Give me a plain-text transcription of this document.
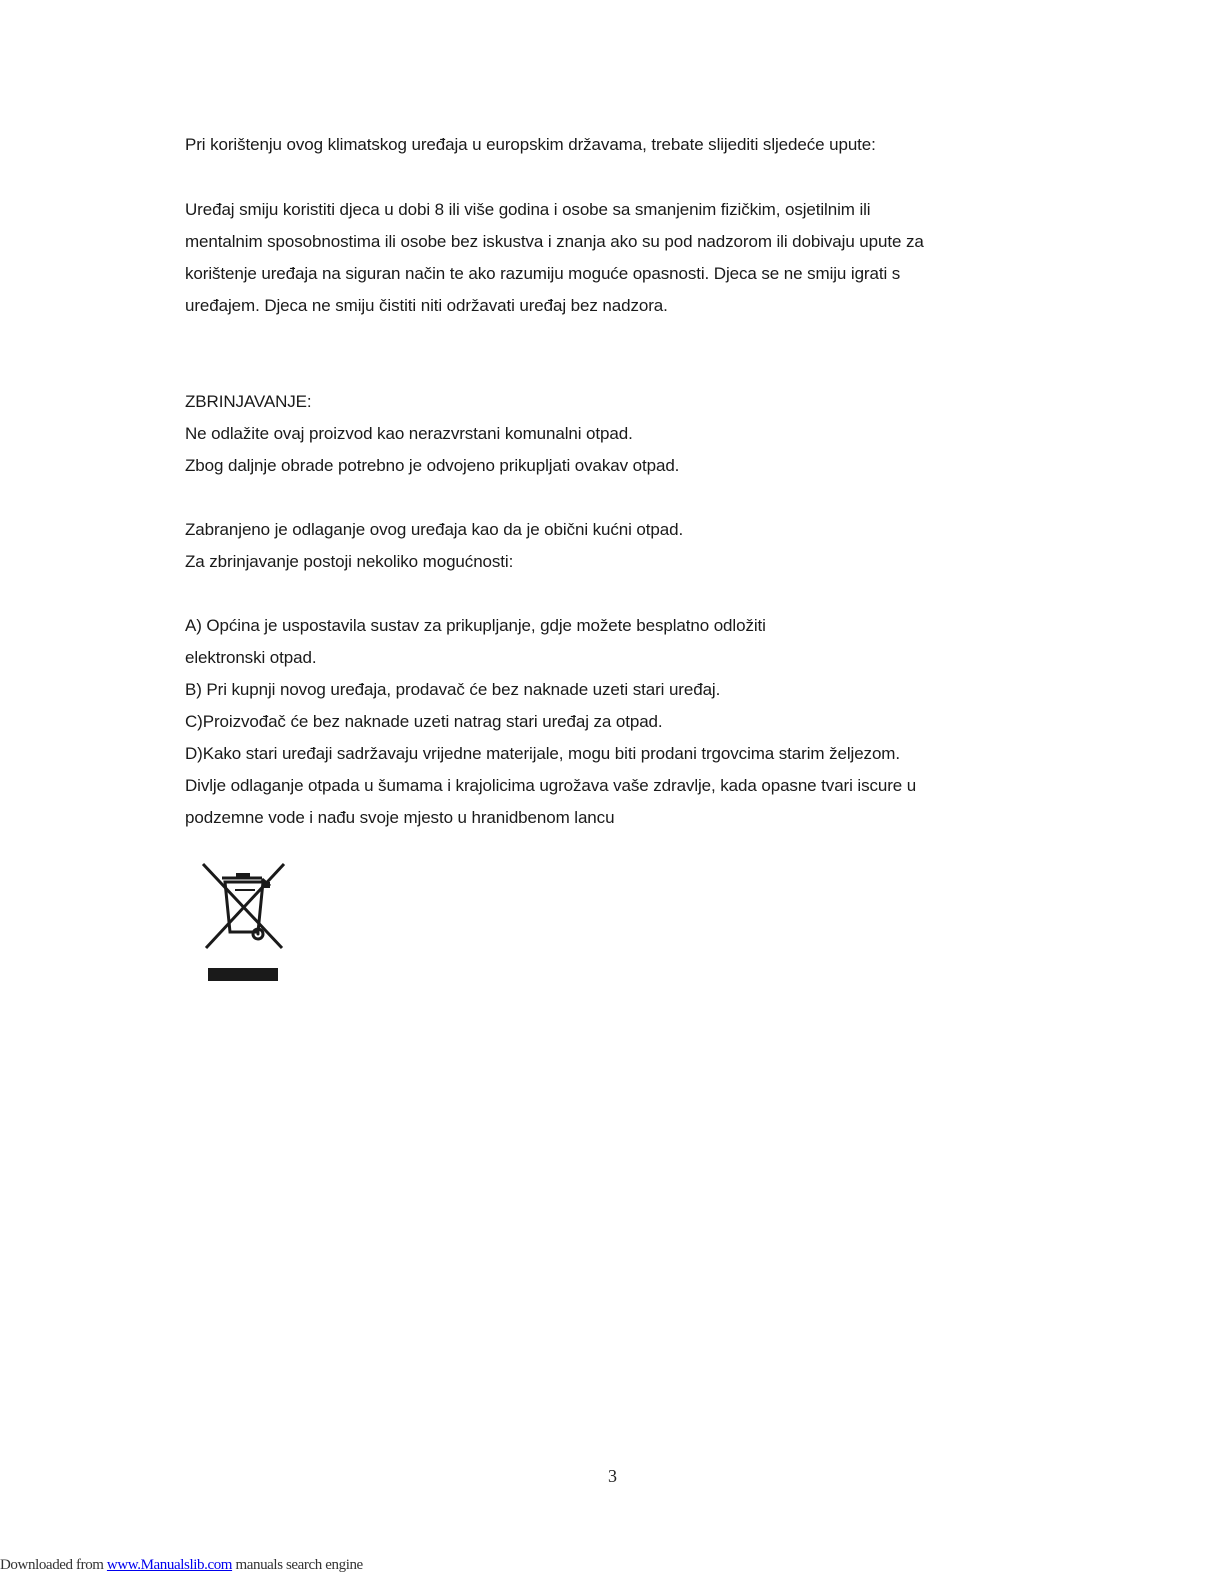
Pri korištenju ovog klimatskog uređaja u europskim državama, trebate slijediti sljedeće upute:
Uređaj smiju koristiti djeca u dobi 8 ili više godina i osobe sa smanjenim fizičkim, osjetilnim ili
mentalnim sposobnostima ili osobe bez iskustva i znanja ako su pod nadzorom ili dobivaju upute za
korištenje uređaja na siguran način te ako razumiju moguće opasnosti. Djeca se ne smiju igrati s
uređajem. Djeca ne smiju čistiti niti održavati uređaj bez nadzora.
ZBRINJAVANJE:
Ne odlažite ovaj proizvod kao nerazvrstani komunalni otpad.
Zbog daljnje obrade potrebno je odvojeno prikupljati ovakav otpad.
Zabranjeno je odlaganje ovog uređaja kao da je obični kućni otpad.
Za zbrinjavanje postoji nekoliko mogućnosti:
A) Općina je uspostavila sustav za prikupljanje, gdje možete besplatno odložiti
elektronski otpad.
B) Pri kupnji novog uređaja, prodavač će bez naknade uzeti stari uređaj.
C)Proizvođač će bez naknade uzeti natrag stari uređaj za otpad.
D)Kako stari uređaji sadržavaju vrijedne materijale, mogu biti prodani trgovcima starim željezom.
Divlje odlaganje otpada u šumama i krajolicima ugrožava vaše zdravlje, kada opasne tvari iscure u
podzemne vode i nađu svoje mjesto u hranidbenom lancu
3
Downloaded from www.Manualslib.com manuals search engine
